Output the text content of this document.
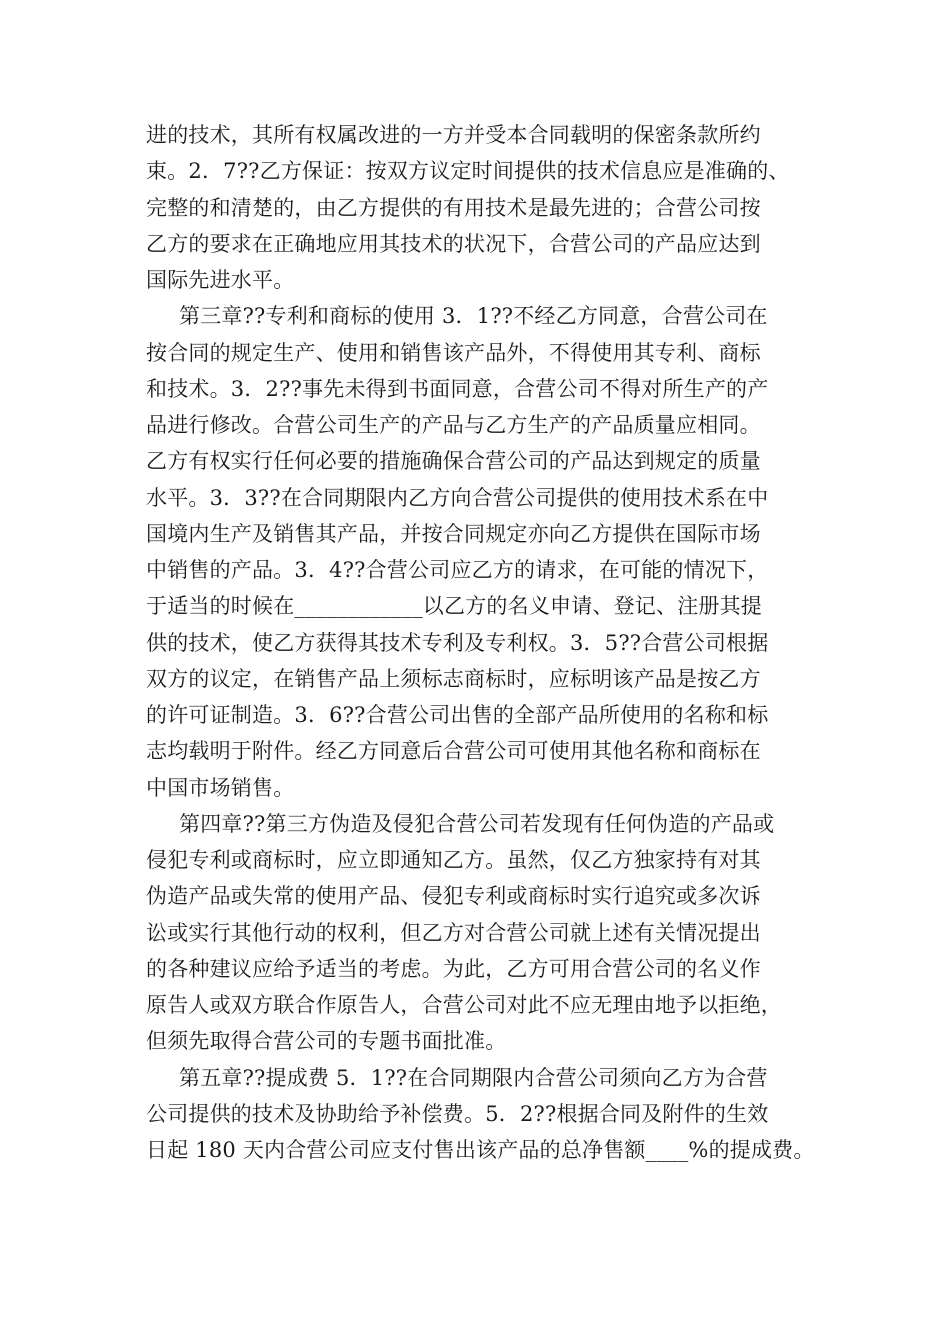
进的技术，其所有权属改进的一方并受本合同载明的保密条款所约
束。2．7??乙方保证：按双方议定时间提供的技术信息应是准确的、
完整的和清楚的，由乙方提供的有用技术是最先进的；合营公司按
乙方的要求在正确地应用其技术的状况下，合营公司的产品应达到
国际先进水平。
第三章??专利和商标的使用 3．1??不经乙方同意，合营公司在
按合同的规定生产、使用和销售该产品外，不得使用其专利、商标
和技术。3．2??事先未得到书面同意，合营公司不得对所生产的产
品进行修改。合营公司生产的产品与乙方生产的产品质量应相同。
乙方有权实行任何必要的措施确保合营公司的产品达到规定的质量
水平。3．3??在合同期限内乙方向合营公司提供的使用技术系在中
国境内生产及销售其产品，并按合同规定亦向乙方提供在国际市场
中销售的产品。3．4??合营公司应乙方的请求，在可能的情况下，
于适当的时候在____________以乙方的名义申请、登记、注册其提
供的技术，使乙方获得其技术专利及专利权。3．5??合营公司根据
双方的议定，在销售产品上须标志商标时，应标明该产品是按乙方
的许可证制造。3．6??合营公司出售的全部产品所使用的名称和标
志均载明于附件。经乙方同意后合营公司可使用其他名称和商标在
中国市场销售。
第四章??第三方伪造及侵犯合营公司若发现有任何伪造的产品或
侵犯专利或商标时，应立即通知乙方。虽然，仅乙方独家持有对其
伪造产品或失常的使用产品、侵犯专利或商标时实行追究或多次诉
讼或实行其他行动的权利，但乙方对合营公司就上述有关情况提出
的各种建议应给予适当的考虑。为此，乙方可用合营公司的名义作
原告人或双方联合作原告人，合营公司对此不应无理由地予以拒绝，
但须先取得合营公司的专题书面批准。
第五章??提成费 5．1??在合同期限内合营公司须向乙方为合营
公司提供的技术及协助给予补偿费。5．2??根据合同及附件的生效
日起 180 天内合营公司应支付售出该产品的总净售额____%的提成费。
